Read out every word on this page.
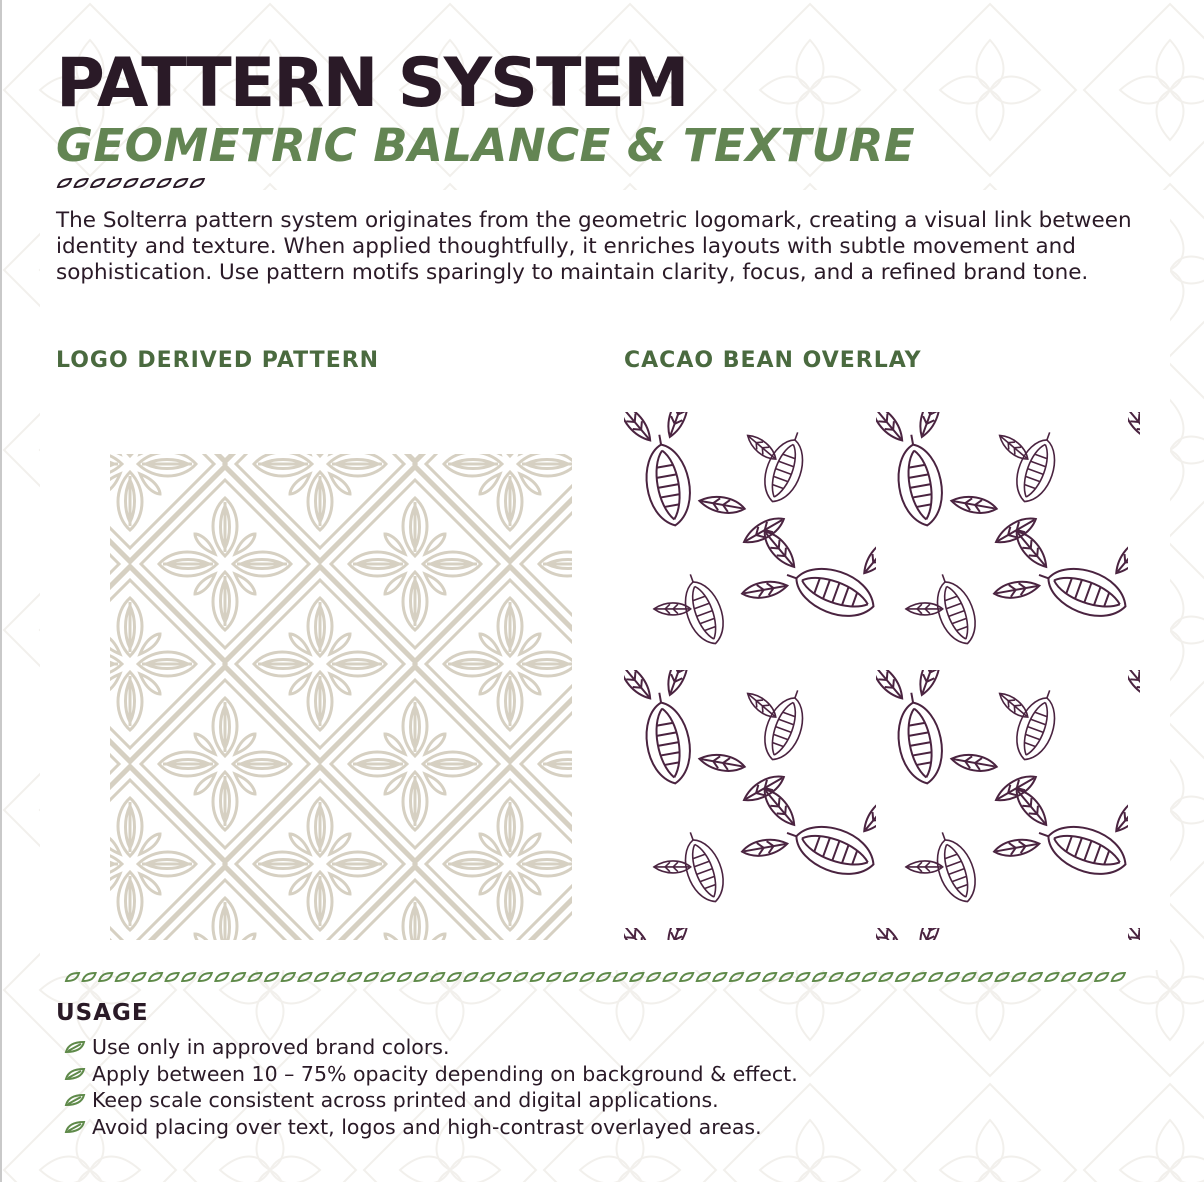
PATTERN SYSTEM
GEOMETRIC BALANCE & TEXTURE

The Solterra pattern system originates from the geometric logomark, creating a visual link between identity and texture. When applied thoughtfully, it enriches layouts with subtle movement and sophistication. Use pattern motifs sparingly to maintain clarity, focus, and a refined brand tone.

LOGO DERIVED PATTERN	CACAO BEAN OVERLAY
USAGE
Use only in approved brand colors.
Apply between 10 – 75% opacity depending on background & effect.
Keep scale consistent across printed and digital applications.
Avoid placing over text, logos and high-contrast overlayed areas.
